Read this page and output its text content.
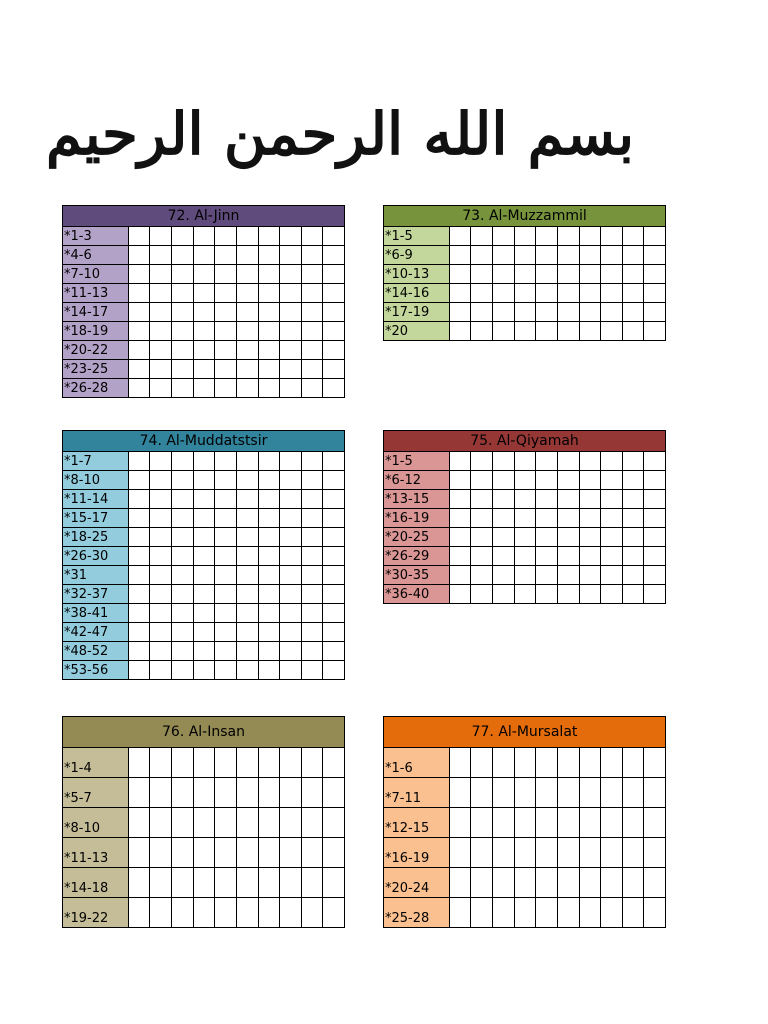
بسم الله الرحمن الرحيم
72. Al-Jinn
*1-3										
*4-6										
*7-10										
*11-13										
*14-17										
*18-19										
*20-22										
*23-25										
*26-28										
73. Al-Muzzammil
*1-5										
*6-9										
*10-13										
*14-16										
*17-19										
*20										
74. Al-Muddatstsir
*1-7										
*8-10										
*11-14										
*15-17										
*18-25										
*26-30										
*31										
*32-37										
*38-41										
*42-47										
*48-52										
*53-56										
75. Al-Qiyamah
*1-5										
*6-12										
*13-15										
*16-19										
*20-25										
*26-29										
*30-35										
*36-40										
76. Al-Insan
*1-4										
*5-7										
*8-10										
*11-13										
*14-18										
*19-22										
77. Al-Mursalat
*1-6										
*7-11										
*12-15										
*16-19										
*20-24										
*25-28										
